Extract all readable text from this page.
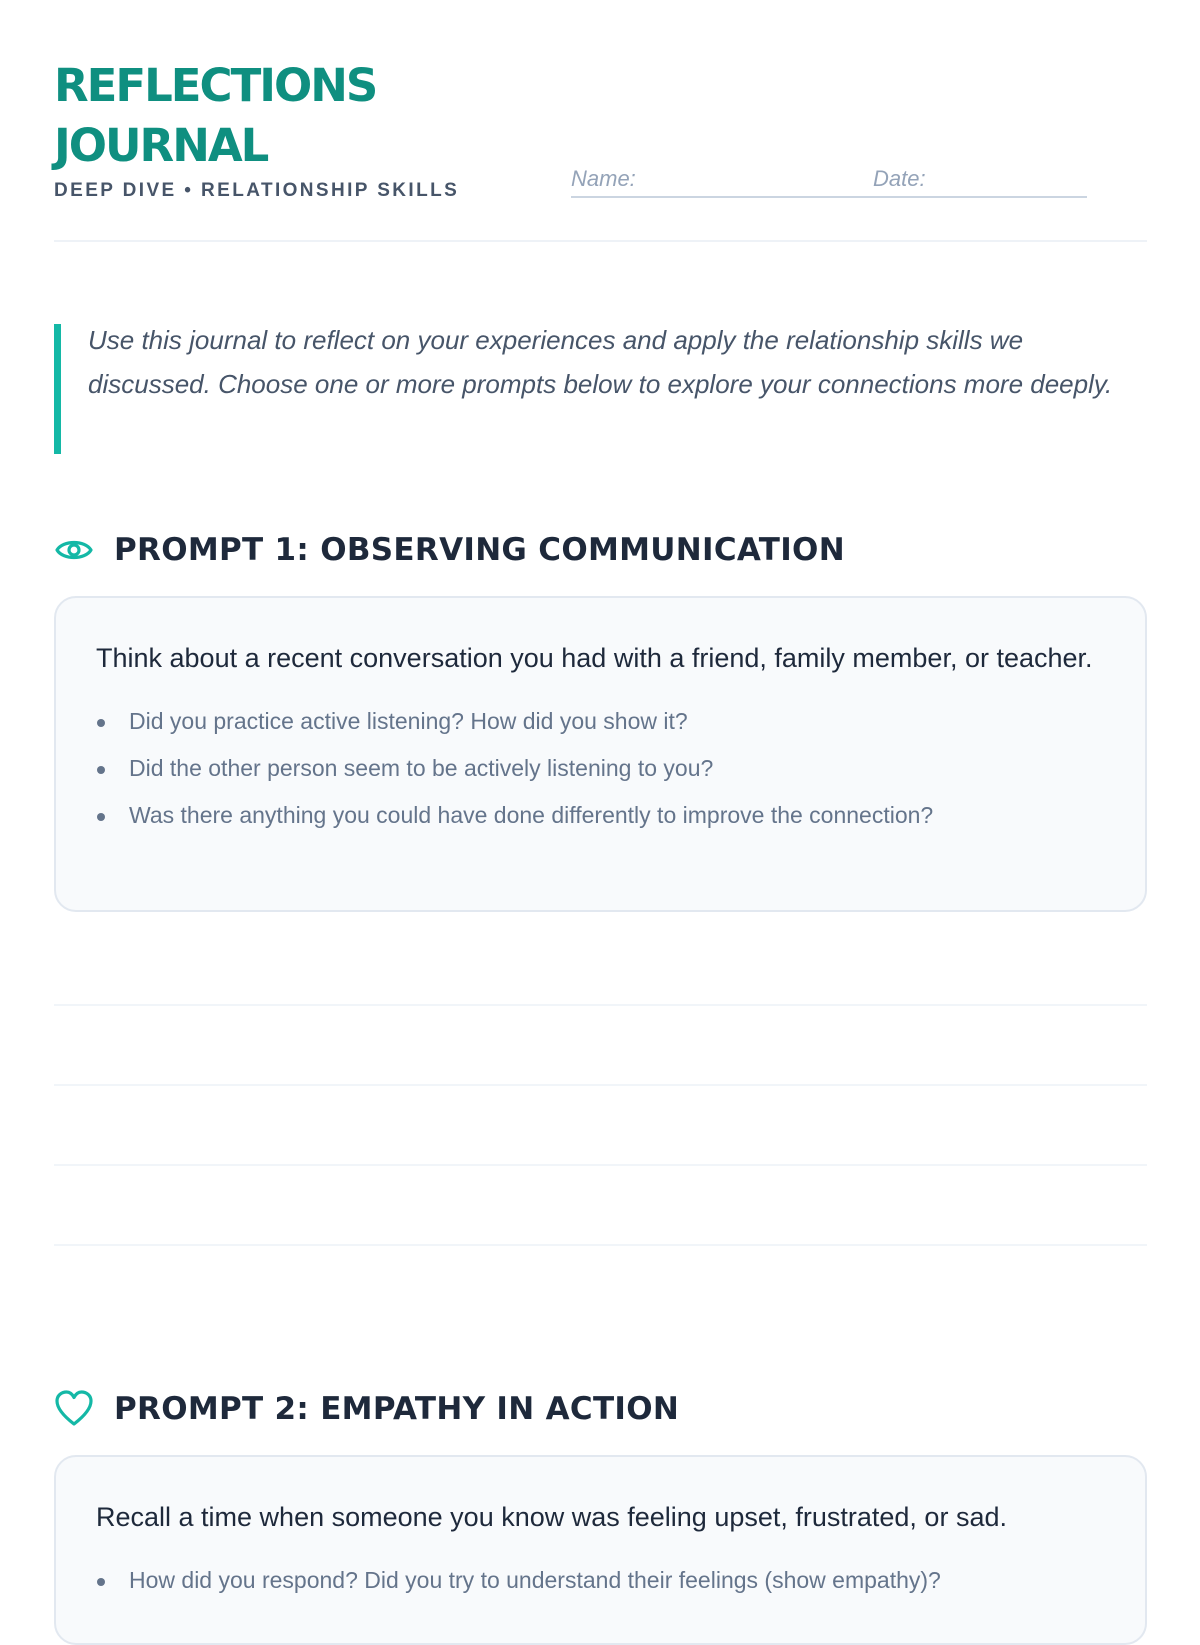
REFLECTIONS
JOURNAL
DEEP DIVE • RELATIONSHIP SKILLS	Name:	Date:

Use this journal to reflect on your experiences and apply the relationship skills we discussed. Choose one or more prompts below to explore your connections more deeply.

PROMPT 1: OBSERVING COMMUNICATION

Think about a recent conversation you had with a friend, family member, or teacher.

Did you practice active listening? How did you show it?
Did the other person seem to be actively listening to you?
Was there anything you could have done differently to improve the connection?
PROMPT 2: EMPATHY IN ACTION

Recall a time when someone you know was feeling upset, frustrated, or sad.

How did you respond? Did you try to understand their feelings (show empathy)?
